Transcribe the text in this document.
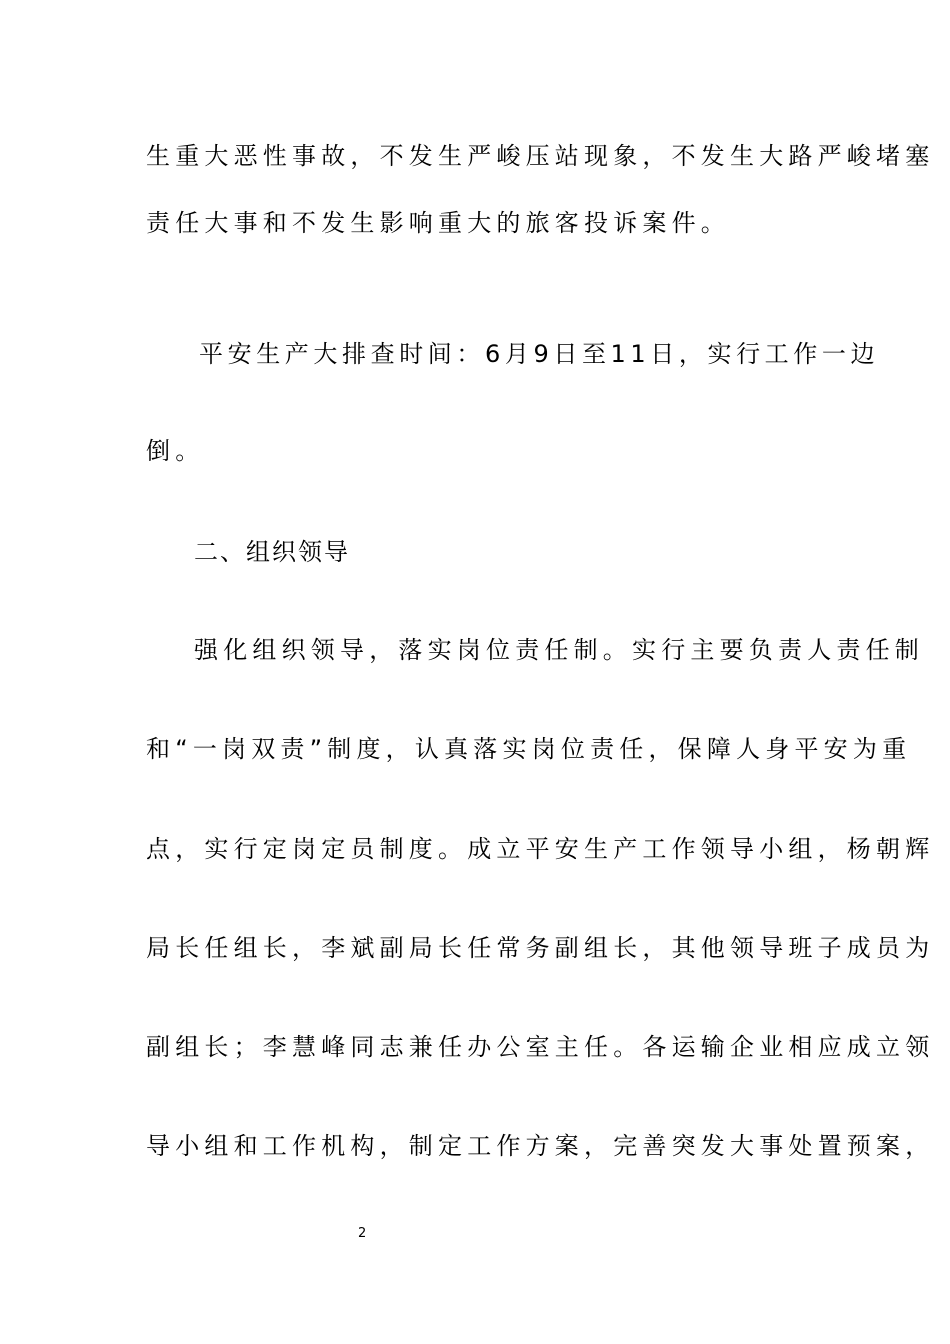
生重大恶性事故，不发生严峻压站现象，不发生大路严峻堵塞
责任大事和不发生影响重大的旅客投诉案件。
平安生产大排查时间：6月9日至11日，实行工作一边
倒。
二、组织领导
强化组织领导，落实岗位责任制。实行主要负责人责任制
和“一岗双责”制度，认真落实岗位责任，保障人身平安为重
点，实行定岗定员制度。成立平安生产工作领导小组，杨朝辉
局长任组长，李斌副局长任常务副组长，其他领导班子成员为
副组长；李慧峰同志兼任办公室主任。各运输企业相应成立领
导小组和工作机构，制定工作方案，完善突发大事处置预案，
2
